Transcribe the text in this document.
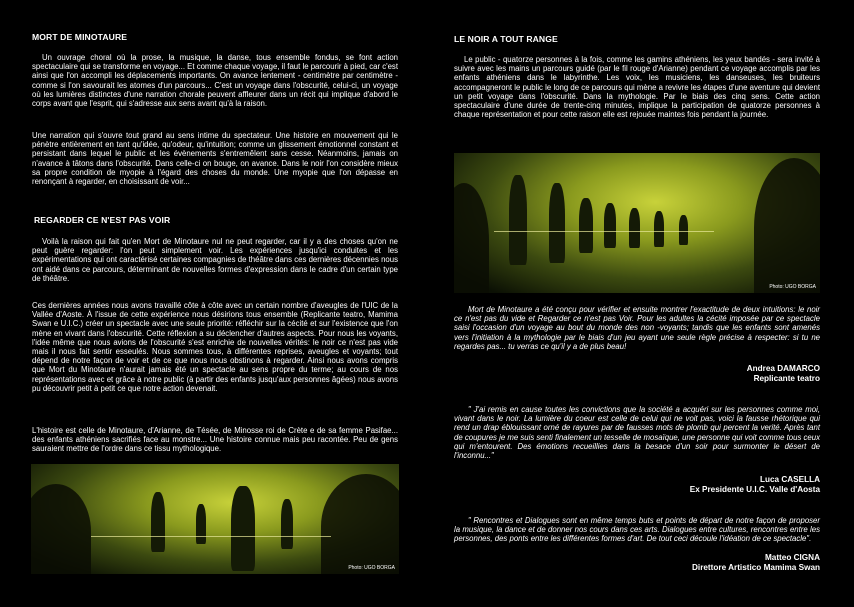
MORT DE MINOTAURE

Un ouvrage choral où la prose, la musique, la danse, tous ensemble fondus, se font action spectaculaire qui se transforme en voyage... Et comme chaque voyage, il faut le parcourir à pied, car c'est ainsi que l'on accompli les déplacements importants. On avance lentement - centimètre par centimètre - comme si l'on savourait les atomes d'un parcours... C'est un voyage dans l'obscurité, celui-ci, un voyage où les lumières distinctes d'une narration chorale peuvent affleurer dans un récit qui implique d'abord le corps avant que l'esprit, qui s'adresse aux sens avant qu'à la raison.

Une narration qui s'ouvre tout grand au sens intime du spectateur. Une histoire en mouvement qui le pénètre entièrement en tant qu'idée, qu'odeur, qu'intuition; comme un glissement émotionnel constant et persistant dans lequel le public et les évènements s'entremêlent sans cesse. Néanmoins, jamais on n'avance à tâtons dans l'obscurité. Dans celle-ci on bouge, on avance. Dans le noir l'on considère mieux sa propre condition de myopie à l'égard des choses du monde. Une myopie que l'on dépasse en renonçant à regarder, en choisissant de voir...

REGARDER CE N'EST PAS VOIR

Voilà la raison qui fait qu'en Mort de Minotaure nul ne peut regarder, car il y a des choses qu'on ne peut guère regarder: l'on peut simplement voir. Les expériences jusqu'ici conduites et les expérimentations qui ont caractérisé certaines compagnies de théâtre dans ces dernières décennies nous ont aidé dans ce parcours, déterminant de nouvelles formes d'expression dans le cadre d'un certain type de théâtre.

Ces dernières années nous avons travaillé côte à côte avec un certain nombre d'aveugles de l'UIC de la Vallée d'Aoste. À l'issue de cette expérience nous désirions tous ensemble (Replicante teatro, Mamima Swan e U.I.C.) créer un spectacle avec une seule priorité: réfléchir sur la cécité et sur l'existence que l'on mène en vivant dans l'obscurité. Cette réflexion a su déclencher d'autres aspects. Pour nous les voyants, l'idée même que nous avions de l'obscurité s'est enrichie de nouvelles vérités: le noir ce n'est pas vide mais il nous fait sentir esseulés. Nous sommes tous, à différentes reprises, aveugles et voyants; tout dépend de notre façon de voir et de ce que nous nous obstinons à regarder. Ainsi nous avons compris que Mort du Minotaure n'aurait jamais été un spectacle au sens propre du terme; au cours de nos représentations avec et grâce à notre public (à partir des enfants jusqu'aux personnes âgées) nous avons pu découvrir petit à petit ce que notre action devenait.

L'histoire est celle de Minotaure, d'Arianne, de Tésée, de Minosse roi de Crète e de sa femme Pasifae... des enfants athéniens sacrifiés face au monstre... Une histoire connue mais peu racontée. Peu de gens sauraient mettre de l'ordre dans ce tissu mythologique.

Photo: UGO BORGA
LE NOIR A TOUT RANGE

Le public - quatorze personnes à la fois, comme les gamins athéniens, les yeux bandés - sera invité à suivre avec les mains un parcours guidé (par le fil rouge d'Arianne) pendant ce voyage accomplis par les enfants athéniens dans le labyrinthe. Les voix, les musiciens, les danseuses, les bruiteurs accompagneront le public le long de ce parcours qui mène a revivre les étapes d'une aventure qui devient un petit voyage dans l'obscurité. Dans la mythologie. Par le biais des cinq sens. Cette action spectaculaire d'une durée de trente-cinq minutes, implique la participation de quatorze personnes à chaque représentation et pour cette raison elle est rejouée maintes fois pendant la journée.

Photo: UGO BORGA

Mort de Minotaure a été conçu pour vérifier et ensuite montrer l'exactitude de deux intuitions: le noir ce n'est pas du vide et Regarder ce n'est pas Voir. Pour les adultes la cécité imposée par ce spectacle saisi l'occasion d'un voyage au bout du monde des non -voyants; tandis que les enfants sont amenés vers l'initiation à la mythologie par le biais d'un jeu ayant une seule règle précise à respecter: si tu ne regardes pas... tu verras ce qu'il y a de plus beau!

Andrea DAMARCO
Replicante teatro

" J'ai remis en cause toutes les convictions que la société a acquéri sur les personnes comme moi, vivant dans le noir. La lumière du coeur est celle de celui qui ne voit pas, voici la fausse rhétorique qui rend un drap éblouissant orné de rayures par de fausses mots de plomb qui percent la verité. Après tant de coupures je me suis senti finalement un tesselle de mosaïque, une personne qui voit comme tous ceux qui m'entourent. Des émotions recueillies dans la besace d'un soir pour surmonter le désert de l'inconnu..."

Luca CASELLA
Ex Presidente U.I.C. Valle d'Aosta

" Rencontres et Dialogues sont en même temps buts et points de départ de notre façon de proposer la musique, la dance et de donner nos cours dans ces arts. Dialogues entre cultures, rencontres entre les personnes, des ponts entre les différentes formes d'art. De tout ceci découle l'idéation de ce spectacle".

Matteo CIGNA
Direttore Artistico Mamima Swan
